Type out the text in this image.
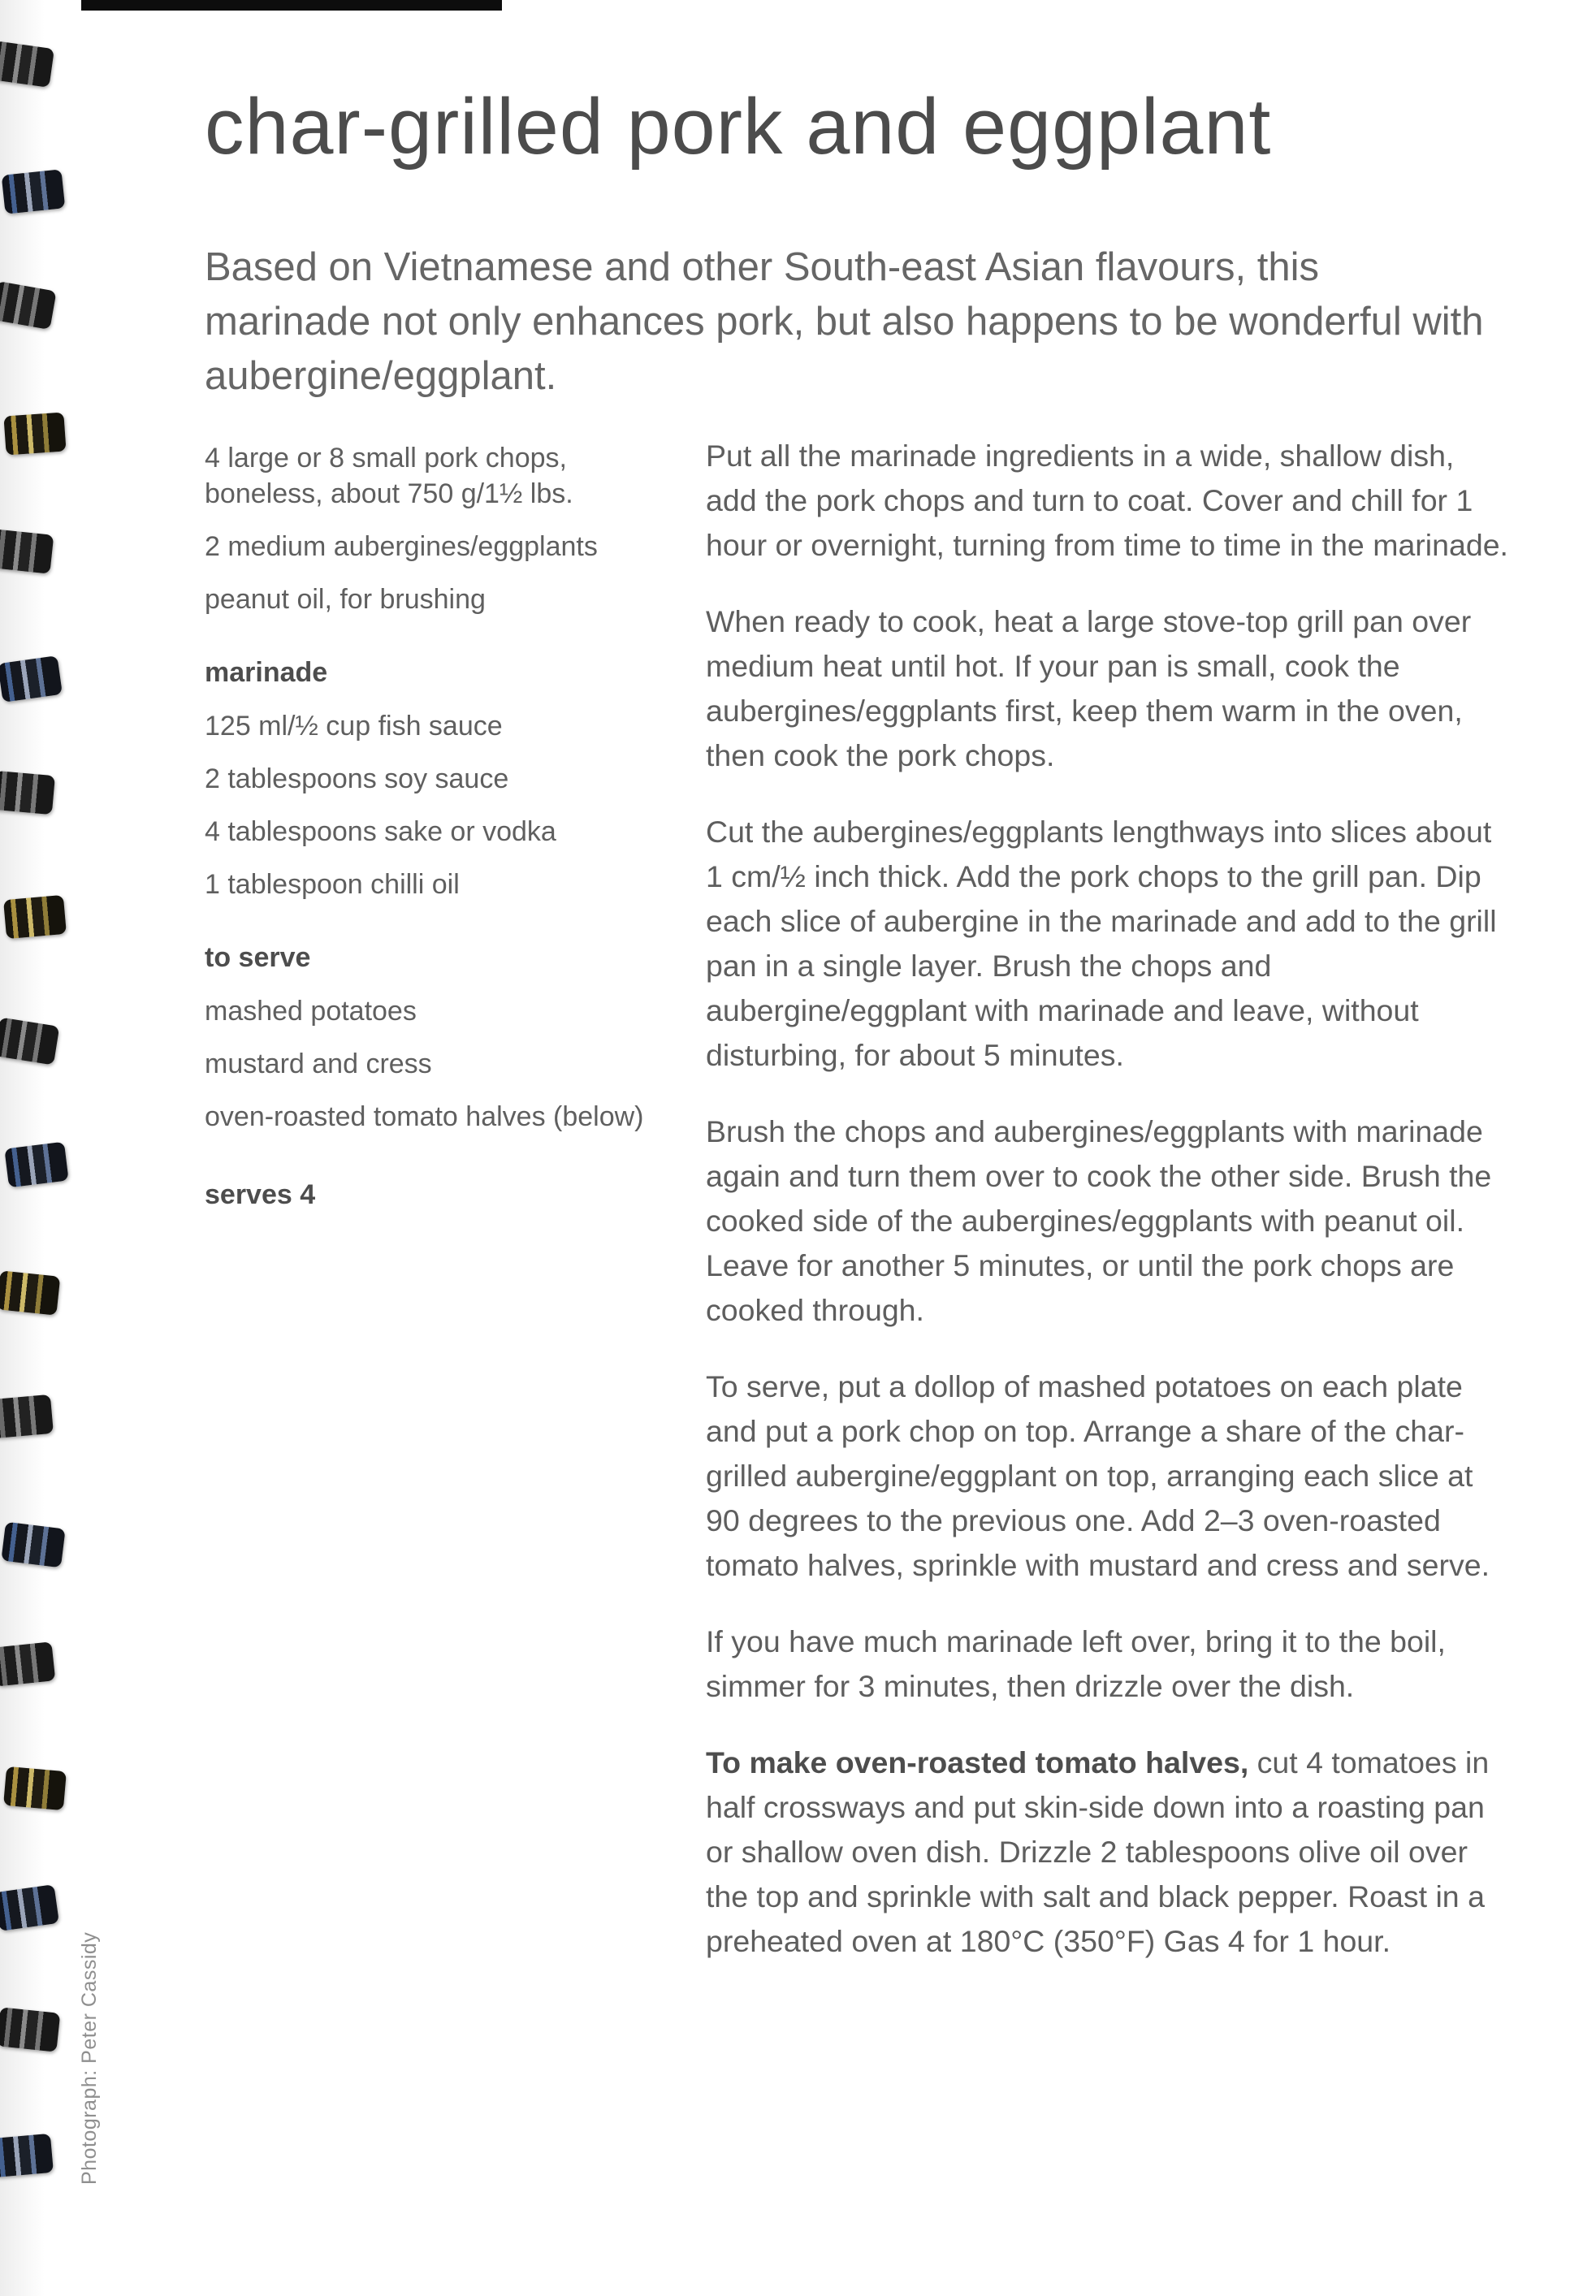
char-grilled pork and eggplant

Based on Vietnamese and other South-east Asian flavours, this marinade not only enhances pork, but also happens to be wonderful with aubergine/eggplant.

4 large or 8 small pork chops, boneless, about 750 g/1½ lbs.

2 medium aubergines/eggplants

peanut oil, for brushing

marinade

125 ml/½ cup fish sauce

2 tablespoons soy sauce

4 tablespoons sake or vodka

1 tablespoon chilli oil

to serve

mashed potatoes

mustard and cress

oven-roasted tomato halves (below)

serves 4

Put all the marinade ingredients in a wide, shallow dish, add the pork chops and turn to coat. Cover and chill for 1 hour or overnight, turning from time to time in the marinade.

When ready to cook, heat a large stove-top grill pan over medium heat until hot. If your pan is small, cook the aubergines/eggplants first, keep them warm in the oven, then cook the pork chops.

Cut the aubergines/eggplants lengthways into slices about 1 cm/½ inch thick. Add the pork chops to the grill pan. Dip each slice of aubergine in the marinade and add to the grill pan in a single layer. Brush the chops and aubergine/eggplant with marinade and leave, without disturbing, for about 5 minutes.

Brush the chops and aubergines/eggplants with marinade again and turn them over to cook the other side. Brush the cooked side of the aubergines/eggplants with peanut oil. Leave for another 5 minutes, or until the pork chops are cooked through.

To serve, put a dollop of mashed potatoes on each plate and put a pork chop on top. Arrange a share of the char-grilled aubergine/eggplant on top, arranging each slice at 90 degrees to the previous one. Add 2–3 oven-roasted tomato halves, sprinkle with mustard and cress and serve.

If you have much marinade left over, bring it to the boil, simmer for 3 minutes, then drizzle over the dish.

To make oven-roasted tomato halves, cut 4 tomatoes in half crossways and put skin-side down into a roasting pan or shallow oven dish. Drizzle 2 tablespoons olive oil over the top and sprinkle with salt and black pepper. Roast in a preheated oven at 180°C (350°F) Gas 4 for 1 hour.

Photograph: Peter Cassidy
